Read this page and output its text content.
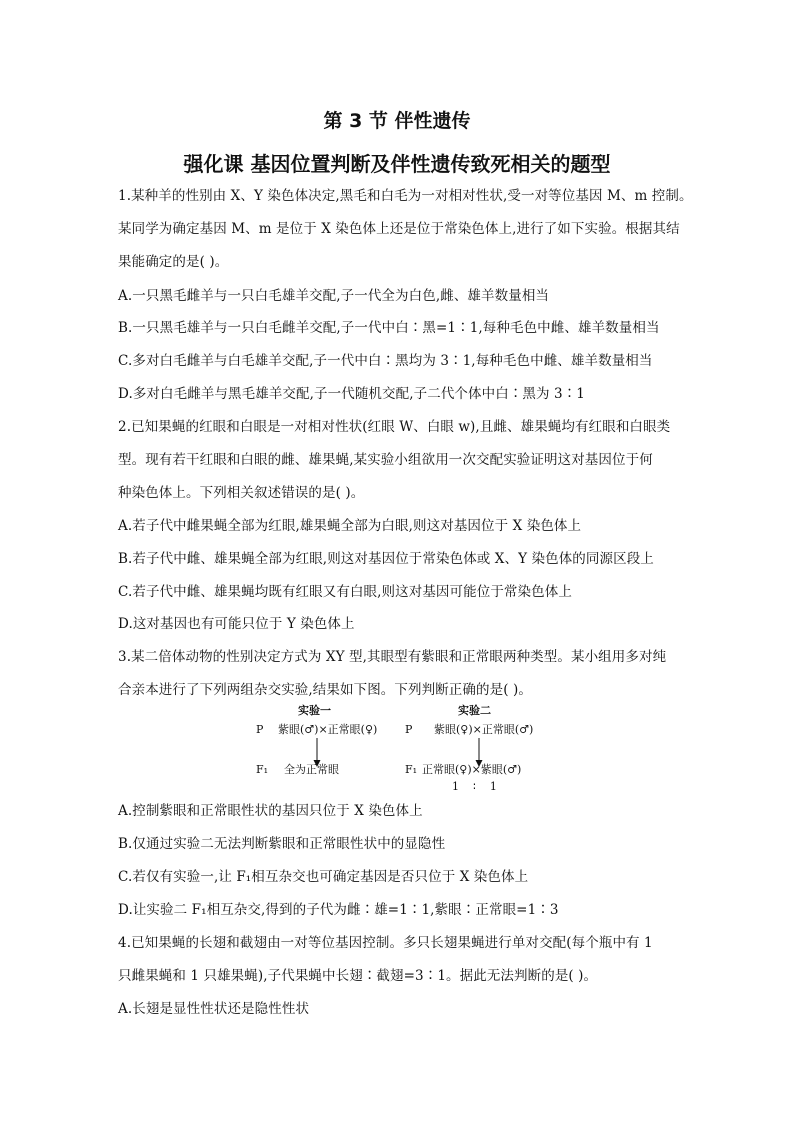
第 3 节 伴性遗传
强化课 基因位置判断及伴性遗传致死相关的题型
1.某种羊的性别由 X、Y 染色体决定,黑毛和白毛为一对相对性状,受一对等位基因 M、m 控制。
某同学为确定基因 M、m 是位于 X 染色体上还是位于常染色体上,进行了如下实验。根据其结
果能确定的是( )。
A.一只黑毛雌羊与一只白毛雄羊交配,子一代全为白色,雌、雄羊数量相当
B.一只黑毛雄羊与一只白毛雌羊交配,子一代中白∶黑=1∶1,每种毛色中雌、雄羊数量相当
C.多对白毛雌羊与白毛雄羊交配,子一代中白∶黑均为 3∶1,每种毛色中雌、雄羊数量相当
D.多对白毛雌羊与黑毛雄羊交配,子一代随机交配,子二代个体中白∶黑为 3∶1
2.已知果蝇的红眼和白眼是一对相对性状(红眼 W、白眼 w),且雌、雄果蝇均有红眼和白眼类
型。现有若干红眼和白眼的雌、雄果蝇,某实验小组欲用一次交配实验证明这对基因位于何
种染色体上。下列相关叙述错误的是( )。
A.若子代中雌果蝇全部为红眼,雄果蝇全部为白眼,则这对基因位于 X 染色体上
B.若子代中雌、雄果蝇全部为红眼,则这对基因位于常染色体或 X、Y 染色体的同源区段上
C.若子代中雌、雄果蝇均既有红眼又有白眼,则这对基因可能位于常染色体上
D.这对基因也有可能只位于 Y 染色体上
3.某二倍体动物的性别决定方式为 XY 型,其眼型有紫眼和正常眼两种类型。某小组用多对纯
合亲本进行了下列两组杂交实验,结果如下图。下列判断正确的是( )。
实验一
P 紫眼(♂)×正常眼(♀)
F₁ 全为正常眼
实验二
P 紫眼(♀)×正常眼(♂)
F₁ 正常眼(♀)×紫眼(♂)
1    ∶    1
A.控制紫眼和正常眼性状的基因只位于 X 染色体上
B.仅通过实验二无法判断紫眼和正常眼性状中的显隐性
C.若仅有实验一,让 F₁相互杂交也可确定基因是否只位于 X 染色体上
D.让实验二 F₁相互杂交,得到的子代为雌∶雄=1∶1,紫眼∶正常眼=1∶3
4.已知果蝇的长翅和截翅由一对等位基因控制。多只长翅果蝇进行单对交配(每个瓶中有 1
只雌果蝇和 1 只雄果蝇),子代果蝇中长翅∶截翅=3∶1。据此无法判断的是( )。
A.长翅是显性性状还是隐性性状
